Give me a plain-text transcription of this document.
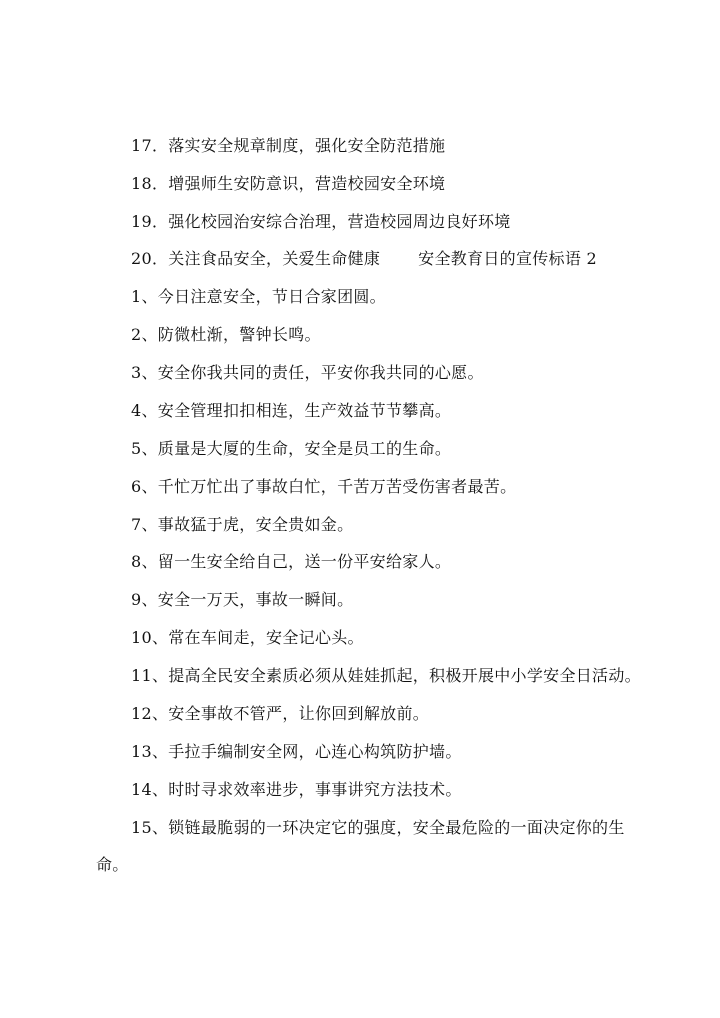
17．落实安全规章制度，强化安全防范措施
18．增强师生安防意识，营造校园安全环境
19．强化校园治安综合治理，营造校园周边良好环境
20．关注食品安全，关爱生命健康　　 安全教育日的宣传标语 2
1、今日注意安全，节日合家团圆。
2、防微杜渐，警钟长鸣。
3、安全你我共同的责任，平安你我共同的心愿。
4、安全管理扣扣相连，生产效益节节攀高。
5、质量是大厦的生命，安全是员工的生命。
6、千忙万忙出了事故白忙，千苦万苦受伤害者最苦。
7、事故猛于虎，安全贵如金。
8、留一生安全给自己，送一份平安给家人。
9、安全一万天，事故一瞬间。
10、常在车间走，安全记心头。
11、提高全民安全素质必须从娃娃抓起，积极开展中小学安全日活动。
12、安全事故不管严，让你回到解放前。
13、手拉手编制安全网，心连心构筑防护墙。
14、时时寻求效率进步，事事讲究方法技术。
15、锁链最脆弱的一环决定它的强度，安全最危险的一面决定你的生
命。
